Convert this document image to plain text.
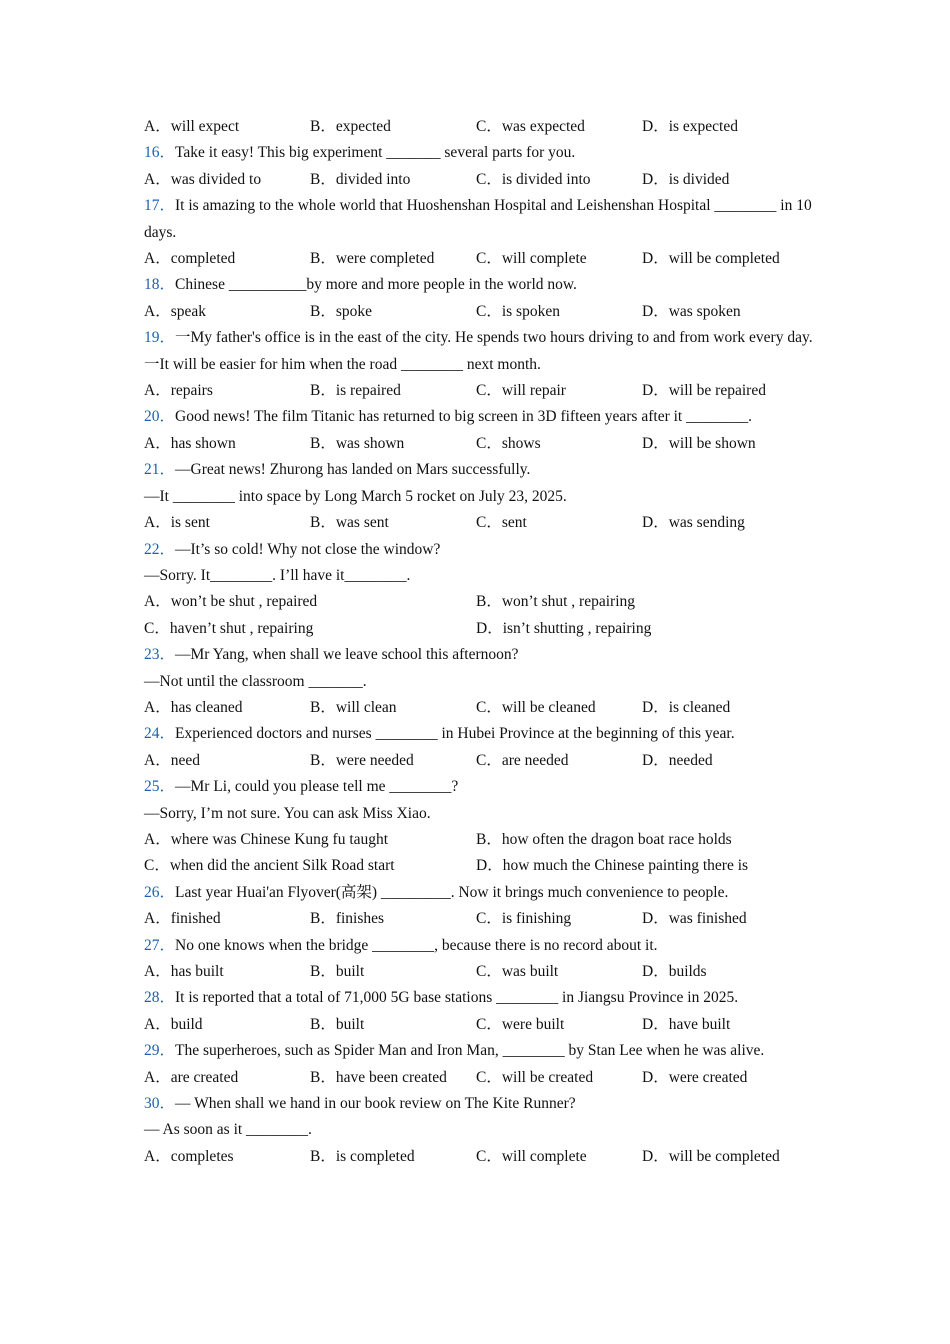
A．will expect	B．expected	C．was expected	D．is expected
16．Take it easy! This big experiment _______ several parts for you.
A．was divided to	B．divided into	C．is divided into	D．is divided
17．It is amazing to the whole world that Huoshenshan Hospital and Leishenshan Hospital ________ in 10 days.
A．completed	B．were completed	C．will complete	D．will be completed
18．Chinese __________by more and more people in the world now.
A．speak	B．spoke	C．is spoken	D．was spoken
19．一My father's office is in the east of the city. He spends two hours driving to and from work every day.
一It will be easier for him when the road ________ next month.
A．repairs	B．is repaired	C．will repair	D．will be repaired
20．Good news! The film Titanic has returned to big screen in 3D fifteen years after it ________.
A．has shown	B．was shown	C．shows	D．will be shown
21．—Great news! Zhurong has landed on Mars successfully.
—It ________ into space by Long March 5 rocket on July 23, 2025.
A．is sent	B．was sent	C．sent	D．was sending
22．—It’s so cold! Why not close the window?
—Sorry. It________. I’ll have it________.
A．won’t be shut , repaired	B．won’t shut , repairing
C．haven’t shut , repairing	D．isn’t shutting , repairing
23．—Mr Yang, when shall we leave school this afternoon?
—Not until the classroom _______.
A．has cleaned	B．will clean	C．will be cleaned	D．is cleaned
24．Experienced doctors and nurses ________ in Hubei Province at the beginning of this year.
A．need	B．were needed	C．are needed	D．needed
25．—Mr Li, could you please tell me ________?
—Sorry, I’m not sure. You can ask Miss Xiao.
A．where was Chinese Kung fu taught	B．how often the dragon boat race holds
C．when did the ancient Silk Road start	D．how much the Chinese painting there is
26．Last year Huai'an Flyover(高架) _________. Now it brings much convenience to people.
A．finished	B．finishes	C．is finishing	D．was finished
27．No one knows when the bridge ________, because there is no record about it.
A．has built	B．built	C．was built	D．builds
28．It is reported that a total of 71,000 5G base stations ________ in Jiangsu Province in 2025.
A．build	B．built	C．were built	D．have built
29．The superheroes, such as Spider Man and Iron Man, ________ by Stan Lee when he was alive.
A．are created	B．have been created	C．will be created	D．were created
30．— When shall we hand in our book review on The Kite Runner?
— As soon as it ________.
A．completes	B．is completed	C．will complete	D．will be completed
